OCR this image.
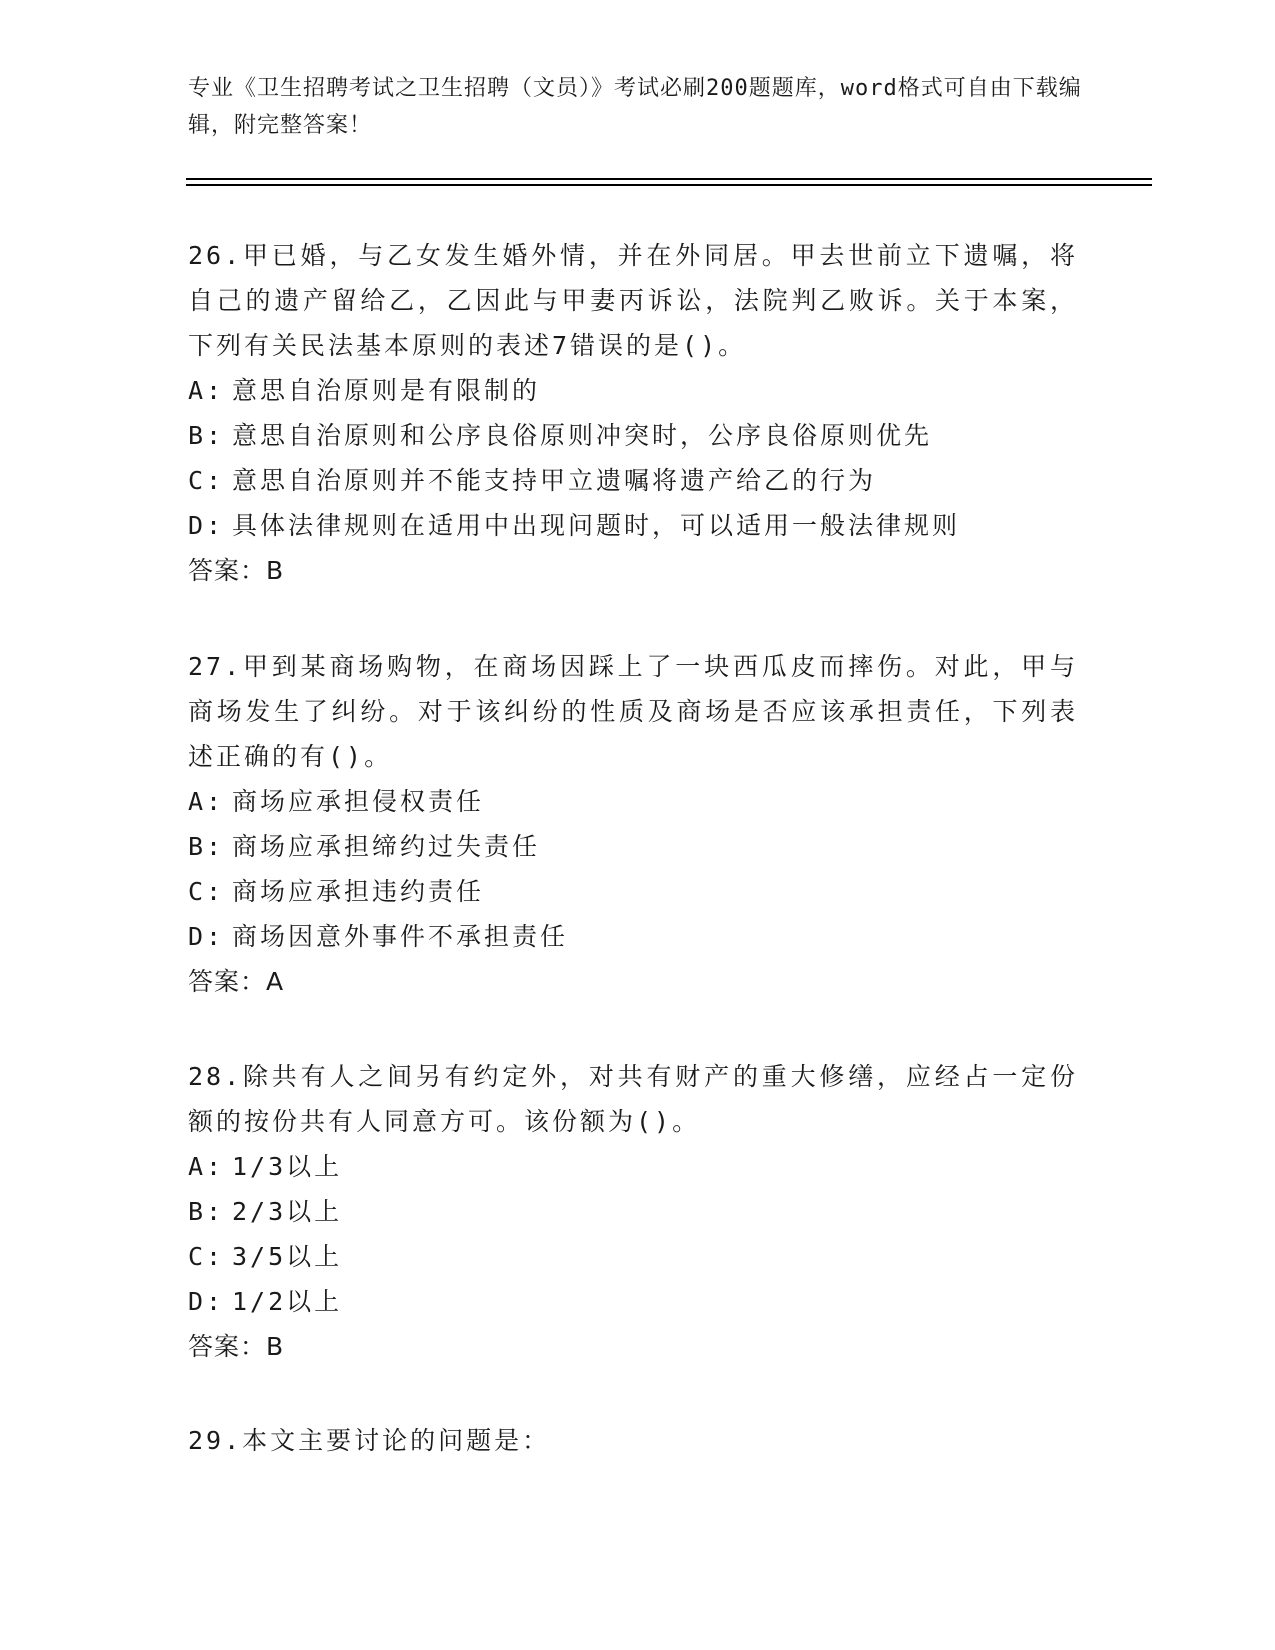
专业《卫生招聘考试之卫生招聘（文员）》考试必刷200题题库，word格式可自由下载编辑，附完整答案！
26.甲已婚，与乙女发生婚外情，并在外同居。甲去世前立下遗嘱，将自己的遗产留给乙，乙因此与甲妻丙诉讼，法院判乙败诉。关于本案，下列有关民法基本原则的表述7错误的是()。
A: 意思自治原则是有限制的
B: 意思自治原则和公序良俗原则冲突时，公序良俗原则优先
C: 意思自治原则并不能支持甲立遗嘱将遗产给乙的行为
D: 具体法律规则在适用中出现问题时，可以适用一般法律规则
答案：B
27.甲到某商场购物，在商场因踩上了一块西瓜皮而摔伤。对此，甲与商场发生了纠纷。对于该纠纷的性质及商场是否应该承担责任，下列表述正确的有()。
A: 商场应承担侵权责任
B: 商场应承担缔约过失责任
C: 商场应承担违约责任
D: 商场因意外事件不承担责任
答案：A
28.除共有人之间另有约定外，对共有财产的重大修缮，应经占一定份额的按份共有人同意方可。该份额为()。
A: 1/3以上
B: 2/3以上
C: 3/5以上
D: 1/2以上
答案：B
29.本文主要讨论的问题是：
